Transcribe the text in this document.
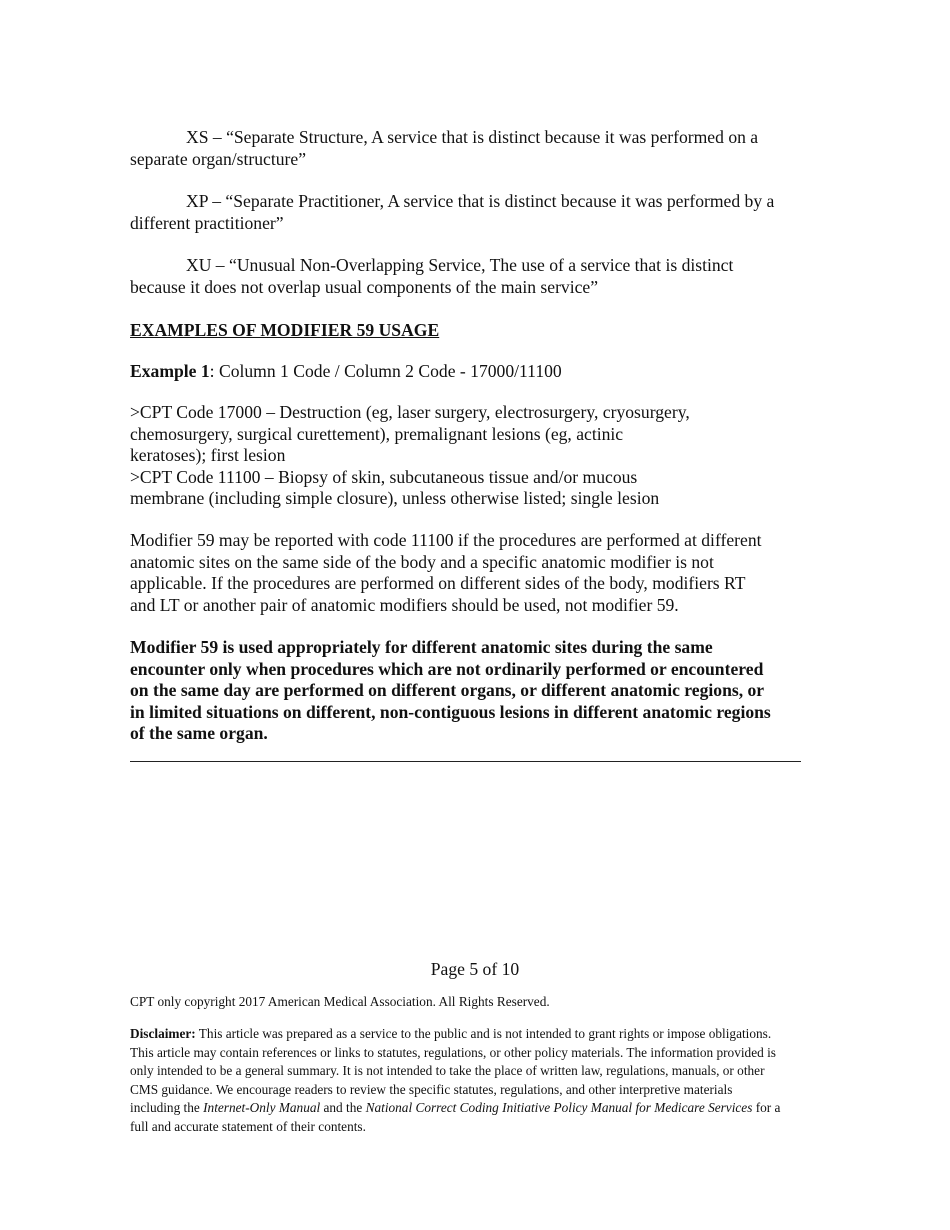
XS – “Separate Structure, A service that is distinct because it was performed on a
separate organ/structure”

XP – “Separate Practitioner, A service that is distinct because it was performed by a
different practitioner”

XU – “Unusual Non-Overlapping Service, The use of a service that is distinct
because it does not overlap usual components of the main service”

EXAMPLES OF MODIFIER 59 USAGE

Example 1: Column 1 Code / Column 2 Code - 17000/11100

>CPT Code 17000 – Destruction (eg, laser surgery, electrosurgery, cryosurgery,
chemosurgery, surgical curettement), premalignant lesions (eg, actinic
keratoses); first lesion
>CPT Code 11100 – Biopsy of skin, subcutaneous tissue and/or mucous
membrane (including simple closure), unless otherwise listed; single lesion

Modifier 59 may be reported with code 11100 if the procedures are performed at different
anatomic sites on the same side of the body and a specific anatomic modifier is not
applicable. If the procedures are performed on different sides of the body, modifiers RT
and LT or another pair of anatomic modifiers should be used, not modifier 59.

Modifier 59 is used appropriately for different anatomic sites during the same
encounter only when procedures which are not ordinarily performed or encountered
on the same day are performed on different organs, or different anatomic regions, or
in limited situations on different, non-contiguous lesions in different anatomic regions
of the same organ.

Page 5 of 10

CPT only copyright 2017 American Medical Association. All Rights Reserved.

Disclaimer: This article was prepared as a service to the public and is not intended to grant rights or impose obligations.
This article may contain references or links to statutes, regulations, or other policy materials. The information provided is
only intended to be a general summary. It is not intended to take the place of written law, regulations, manuals, or other
CMS guidance. We encourage readers to review the specific statutes, regulations, and other interpretive materials
including the Internet-Only Manual and the National Correct Coding Initiative Policy Manual for Medicare Services for a
full and accurate statement of their contents.
